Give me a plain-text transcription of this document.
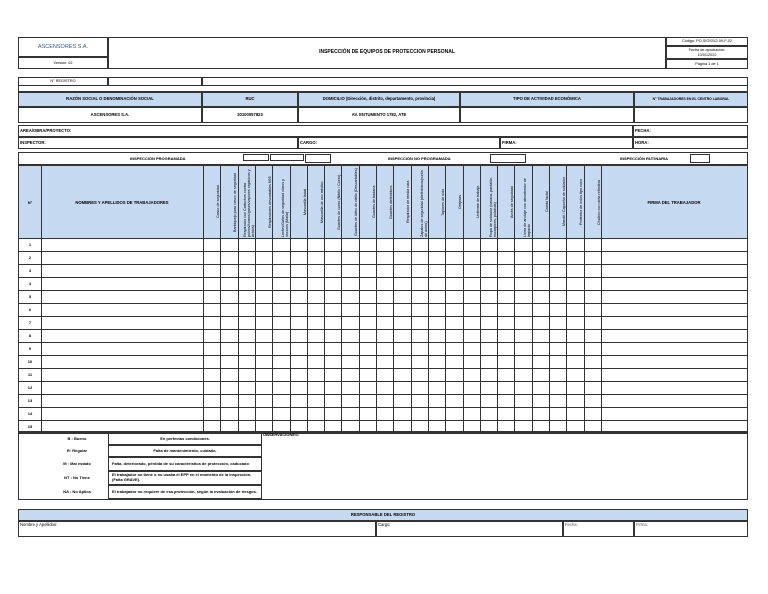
ASCENSORES S.A.
Versión: 02
INSPECCIÓN DE EQUIPOS DE PROTECCION PERSONAL
Código: PO-SIGSSO-09-F-02
Fecha de aprobación:
10/01/2022
Página 1 de 1
N° REGISTRO
RAZÓN SOCIAL O DENOMINACIÓN SOCIAL	RUC	DOMICILIO (Dirección, distrito, departamento, provincia)	TIPO DE ACTIVIDAD ECONÓMICA	N° TRABAJADORES EN EL CENTRO LABORAL
ASCENSORES S.A.	20100057823	AV. ENTUMENTO 1782, ATE
AREA/OBRA/PROYECTO:	FECHA:
INSPECTOR:	CARGO:	FIRMA:	HORA:
INSPECCIÓN PROGRAMADA	INSPECCIÓN NO PROGRAMADA	INSPECCIÓN RUTINARIA
N°	NOMBRES Y APELLIDOS DE TRABAJADORES	FIRMA DEL TRABAJADOR
Casco de seguridad	Barbiquejo para casco de seguridad	Respirador con Cartuchos contra polvos/humos/gases/vapores orgánicos y ácidos)
Respiradores descartables N95	Lentes/Gafas de seguridad claros y oscuros (Malla)
Mascarilla facial	Mascarilla de uso médico	Guantes de cuero (Nitrilo / Cuero)	Guantes de látex de nitrilo (Descartables)	Guantes de badana	Guantes dieléctricos	Respirador de media cara	Zapatos de seguridad (dieléctricos/punta de acero)
Tapones de oído	Orejeras	Uniforme de trabajo	Ropa de soldador (casaca, pantalón, escarpines, polainas)
Arnés de seguridad	Línea de anclaje con absorbedor de impacto
Careta facial	Mandil / Capucha de soldador	Protector de oídos tipo cono	Chaleco con cinta reflectiva
1
2
3
4
5
6
7
8
9
10
11
12
13
14
15
B : Bueno	En perfectas condiciones.
R: Regular	Falta de mantenimiento, cuidado.
M : Mal estado	Falta, deteriorado, pérdida de su característica de protección, caducado
NT : No Tiene	El trabajador no tiene o no usaba el EPP en el momento de la inspección. (Falta GRAVE).
NA : No Aplica	El trabajador no requiere de esa protección, según la evaluación de riesgos.
OBSERVACIONES:
RESPONSABLE DEL REGISTRO
Nombre y Apellidos:	Cargo:	Fecha:	Firma:
